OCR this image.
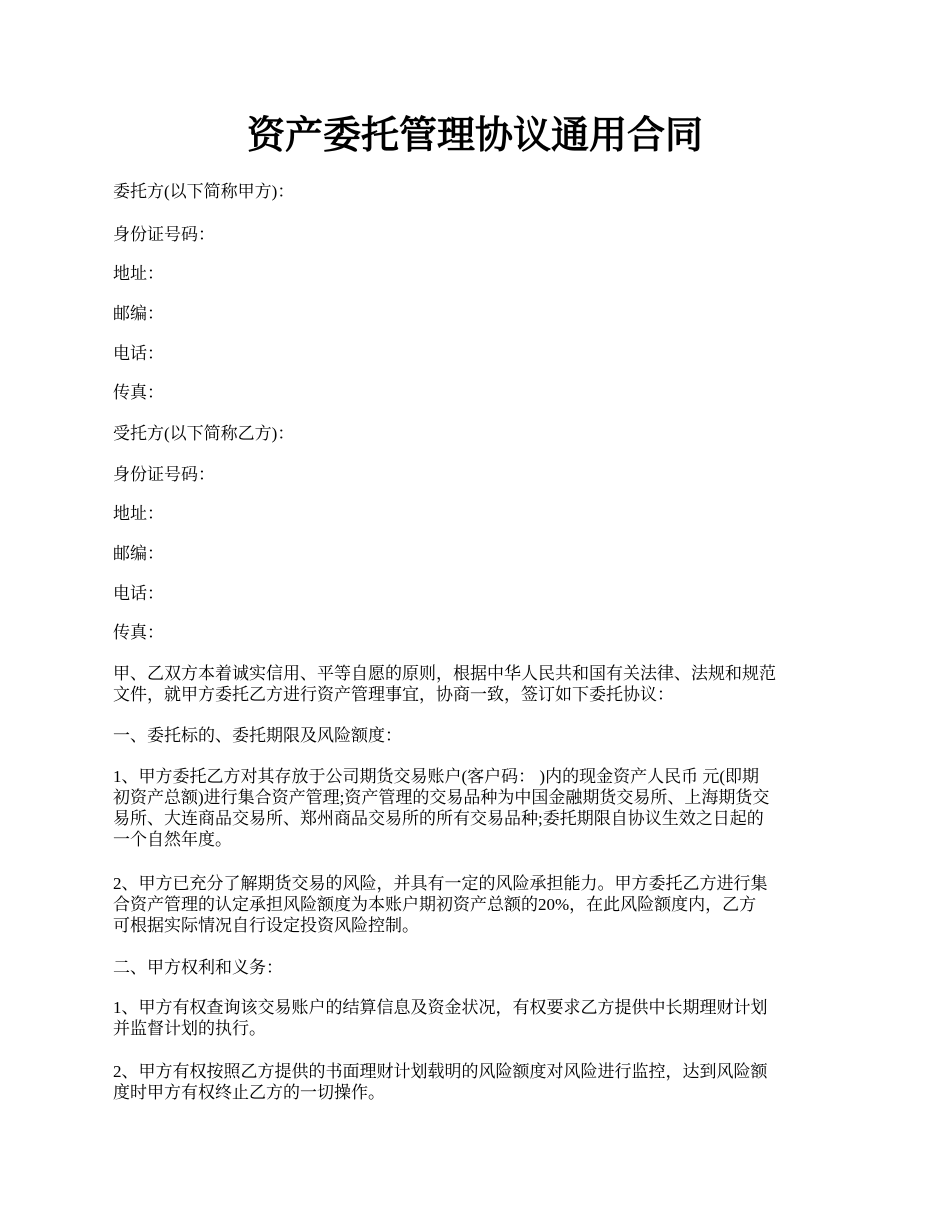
资产委托管理协议通用合同

委托方(以下简称甲方)：

身份证号码：

地址：

邮编：

电话：

传真：

受托方(以下简称乙方)：

身份证号码：

地址：

邮编：

电话：

传真：

甲、乙双方本着诚实信用、平等自愿的原则，根据中华人民共和国有关法律、法规和规范
文件，就甲方委托乙方进行资产管理事宜，协商一致，签订如下委托协议：

一、委托标的、委托期限及风险额度：

1、甲方委托乙方对其存放于公司期货交易账户(客户码： )内的现金资产人民币 元(即期
初资产总额)进行集合资产管理;资产管理的交易品种为中国金融期货交易所、上海期货交
易所、大连商品交易所、郑州商品交易所的所有交易品种;委托期限自协议生效之日起的
一个自然年度。
2、甲方已充分了解期货交易的风险，并具有一定的风险承担能力。甲方委托乙方进行集
合资产管理的认定承担风险额度为本账户期初资产总额的20%，在此风险额度内，乙方
可根据实际情况自行设定投资风险控制。

二、甲方权利和义务：

1、甲方有权查询该交易账户的结算信息及资金状况，有权要求乙方提供中长期理财计划
并监督计划的执行。
2、甲方有权按照乙方提供的书面理财计划载明的风险额度对风险进行监控，达到风险额
度时甲方有权终止乙方的一切操作。
